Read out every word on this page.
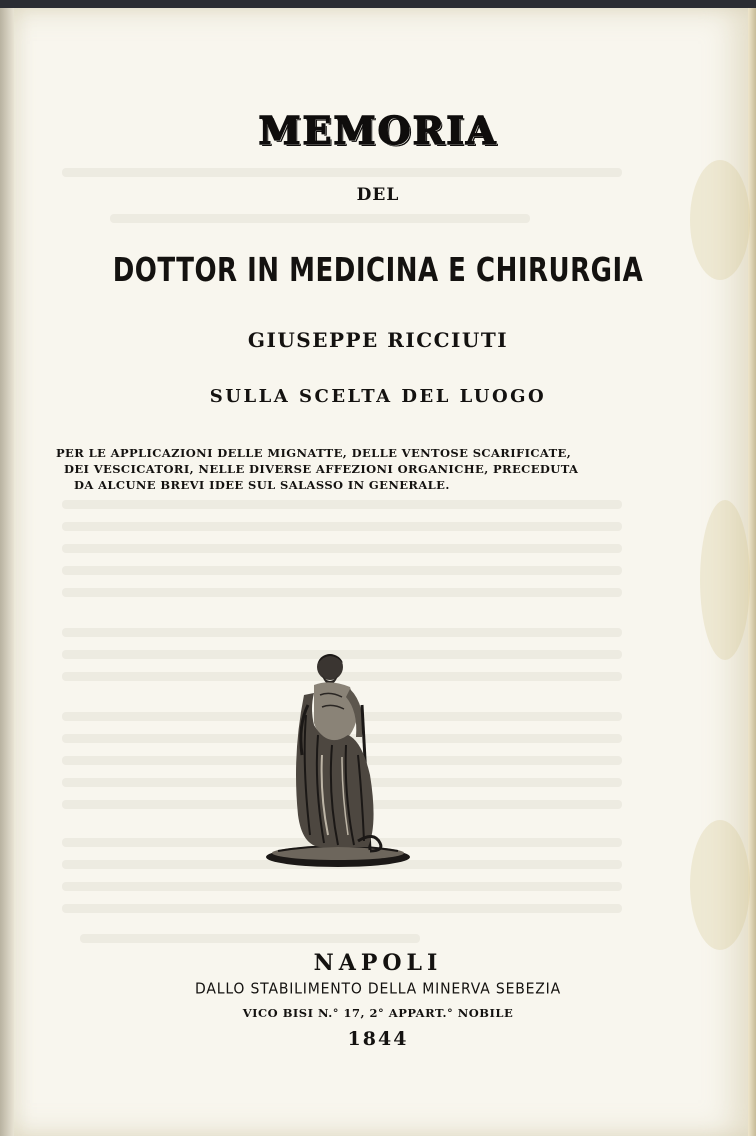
MEMORIA
DEL
DOTTOR IN MEDICINA E CHIRURGIA
GIUSEPPE RICCIUTI
SULLA SCELTA DEL LUOGO
PER LE APPLICAZIONI DELLE MIGNATTE, DELLE VENTOSE SCARIFICATE,
DEI VESCICATORI, NELLE DIVERSE AFFEZIONI ORGANICHE, PRECEDUTA
DA ALCUNE BREVI IDEE SUL SALASSO IN GENERALE.
NAPOLI
DALLO STABILIMENTO DELLA MINERVA SEBEZIA
VICO BISI N.° 17, 2° APPART.° NOBILE
1844
